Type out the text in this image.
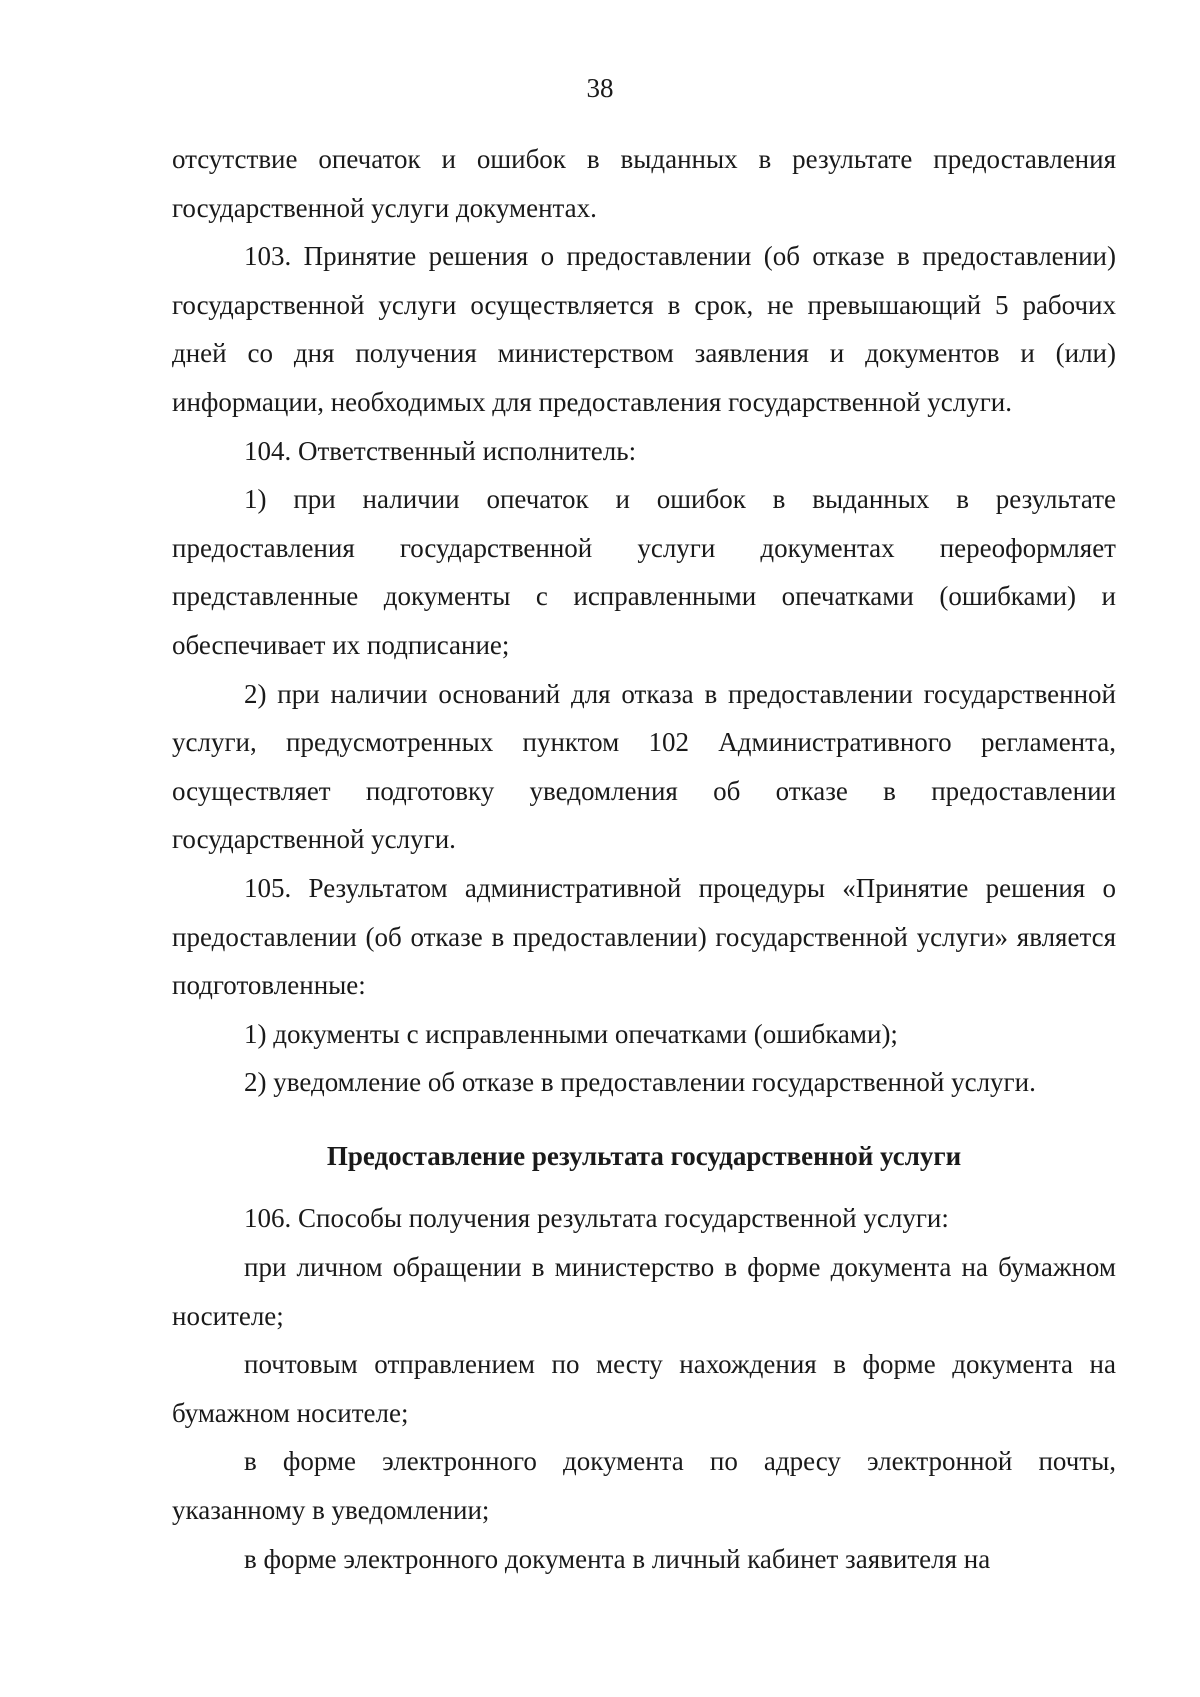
38

отсутствие опечаток и ошибок в выданных в результате предоставления государственной услуги документах.

103. Принятие решения о предоставлении (об отказе в предоставлении) государственной услуги осуществляется в срок, не превышающий 5 рабочих дней со дня получения министерством заявления и документов и (или) информации, необходимых для предоставления государственной услуги.

104. Ответственный исполнитель:

1) при наличии опечаток и ошибок в выданных в результате предоставления государственной услуги документах переоформляет представленные документы с исправленными опечатками (ошибками) и обеспечивает их подписание;

2) при наличии оснований для отказа в предоставлении государственной услуги, предусмотренных пунктом 102 Административного регламента, осуществляет подготовку уведомления об отказе в предоставлении государственной услуги.

105. Результатом административной процедуры «Принятие решения о предоставлении (об отказе в предоставлении) государственной услуги» является подготовленные:

1) документы с исправленными опечатками (ошибками);

2) уведомление об отказе в предоставлении государственной услуги.

Предоставление результата государственной услуги

106. Способы получения результата государственной услуги:

при личном обращении в министерство в форме документа на бумажном носителе;

почтовым отправлением по месту нахождения в форме документа на бумажном носителе;

в форме электронного документа по адресу электронной почты, указанному в уведомлении;

в форме электронного документа в личный кабинет заявителя на
